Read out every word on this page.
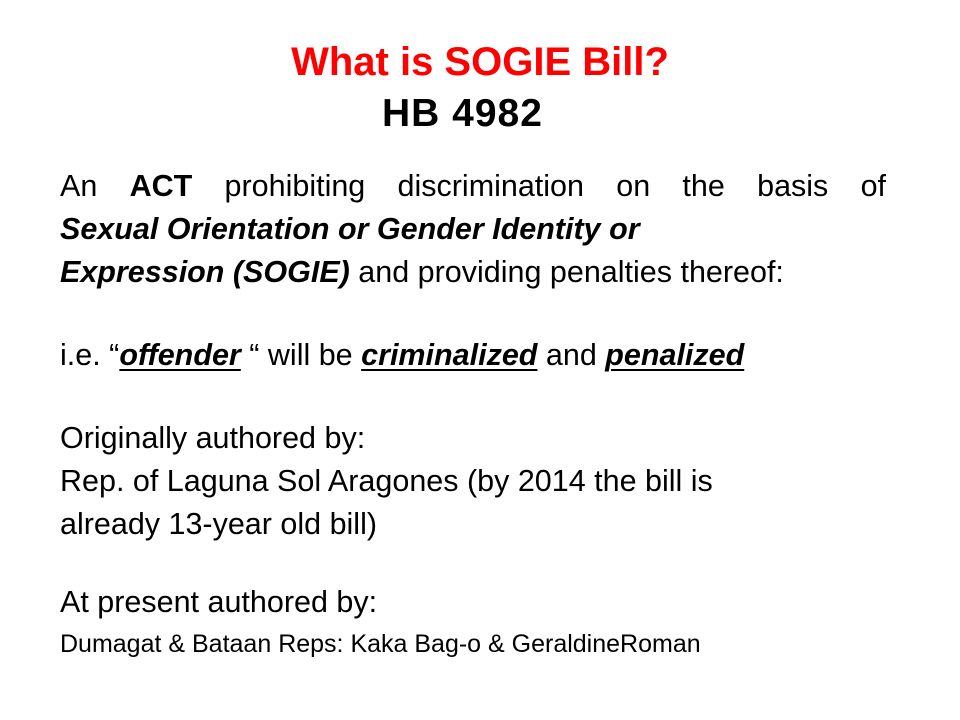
What is SOGIE Bill?
HB 4982
An ACT prohibiting discrimination on the basis of
Sexual Orientation or Gender Identity or
Expression (SOGIE) and providing penalties thereof:
i.e. “offender “ will be criminalized and penalized
Originally authored by:
Rep. of Laguna Sol Aragones (by 2014 the bill is
already 13-year old bill)
At present authored by:
Dumagat & Bataan Reps: Kaka Bag-o & GeraldineRoman
